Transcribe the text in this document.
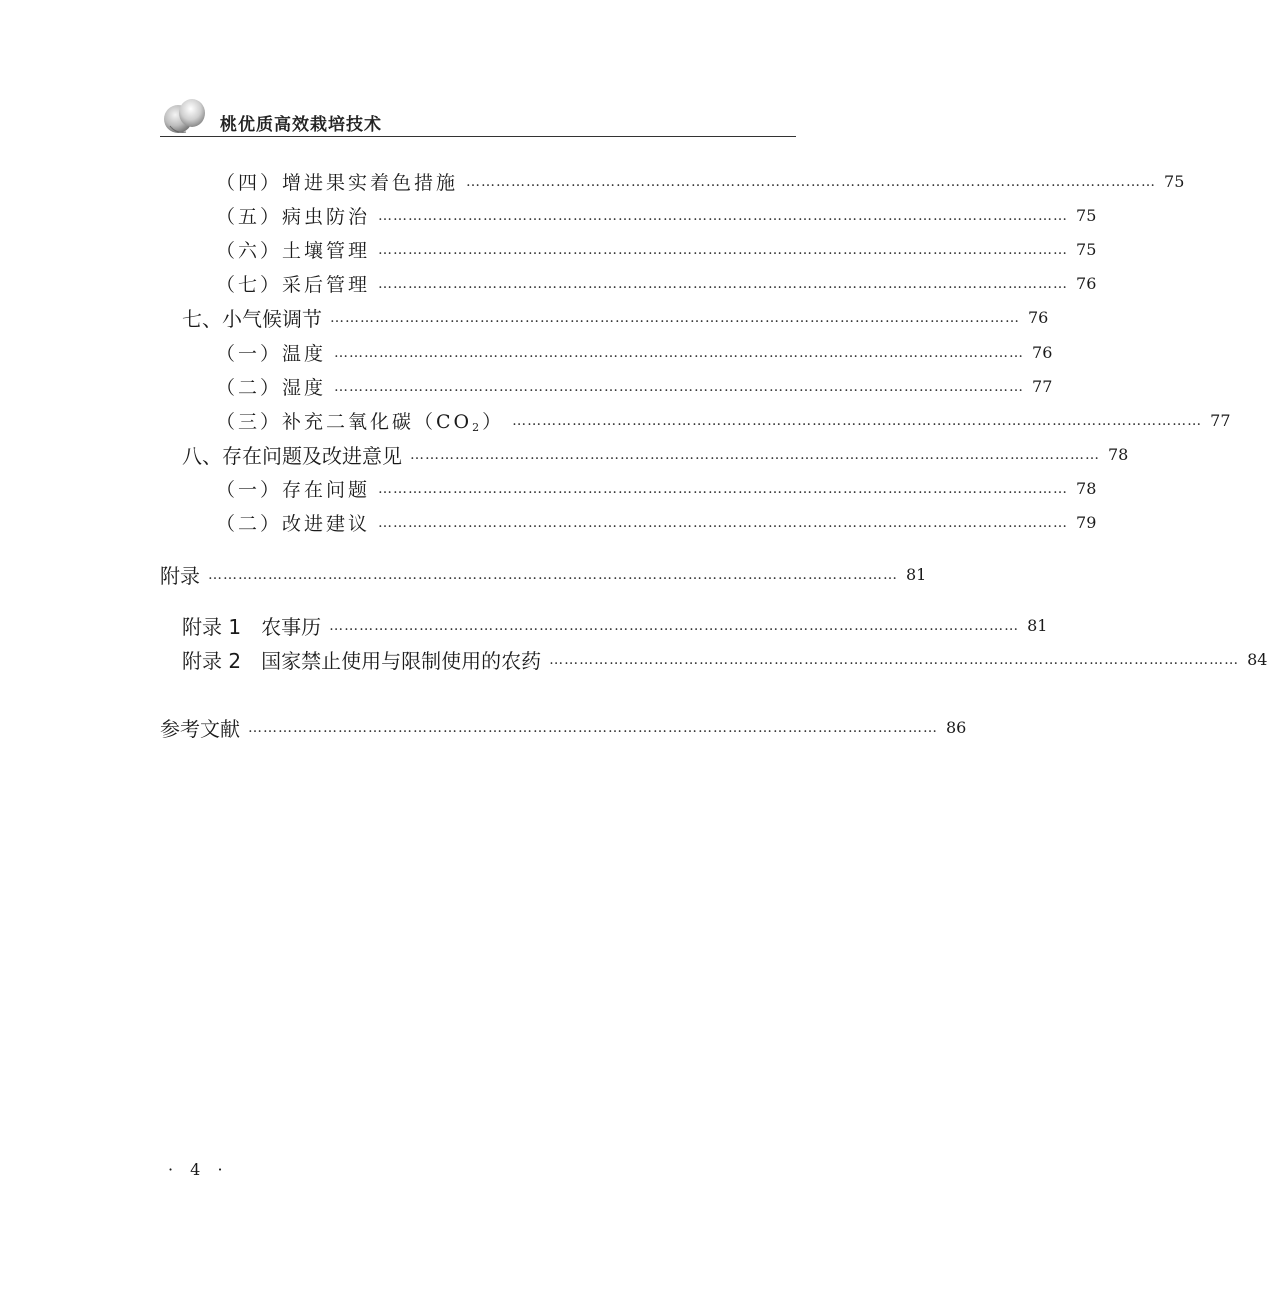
桃优质高效栽培技术
（四）增进果实着色措施 ………………………………………………………………………………………………………………………… 75
（五）病虫防治 ………………………………………………………………………………………………………………………… 75
（六）土壤管理 ………………………………………………………………………………………………………………………… 75
（七）采后管理 ………………………………………………………………………………………………………………………… 76
七、小气候调节 ………………………………………………………………………………………………………………………… 76
（一）温度 ………………………………………………………………………………………………………………………… 76
（二）湿度 ………………………………………………………………………………………………………………………… 77
（三）补充二氧化碳$(CO_2)$ ………………………………………………………………………………………………………………………… 77
八、存在问题及改进意见 ………………………………………………………………………………………………………………………… 78
（一）存在问题 ………………………………………………………………………………………………………………………… 78
（二）改进建议 ………………………………………………………………………………………………………………………… 79
附录 ………………………………………………………………………………………………………………………… 81
附录 1　农事历 ………………………………………………………………………………………………………………………… 81
附录 2　国家禁止使用与限制使用的农药 ………………………………………………………………………………………………………………………… 84
参考文献 ………………………………………………………………………………………………………………………… 86
· 4 ·
